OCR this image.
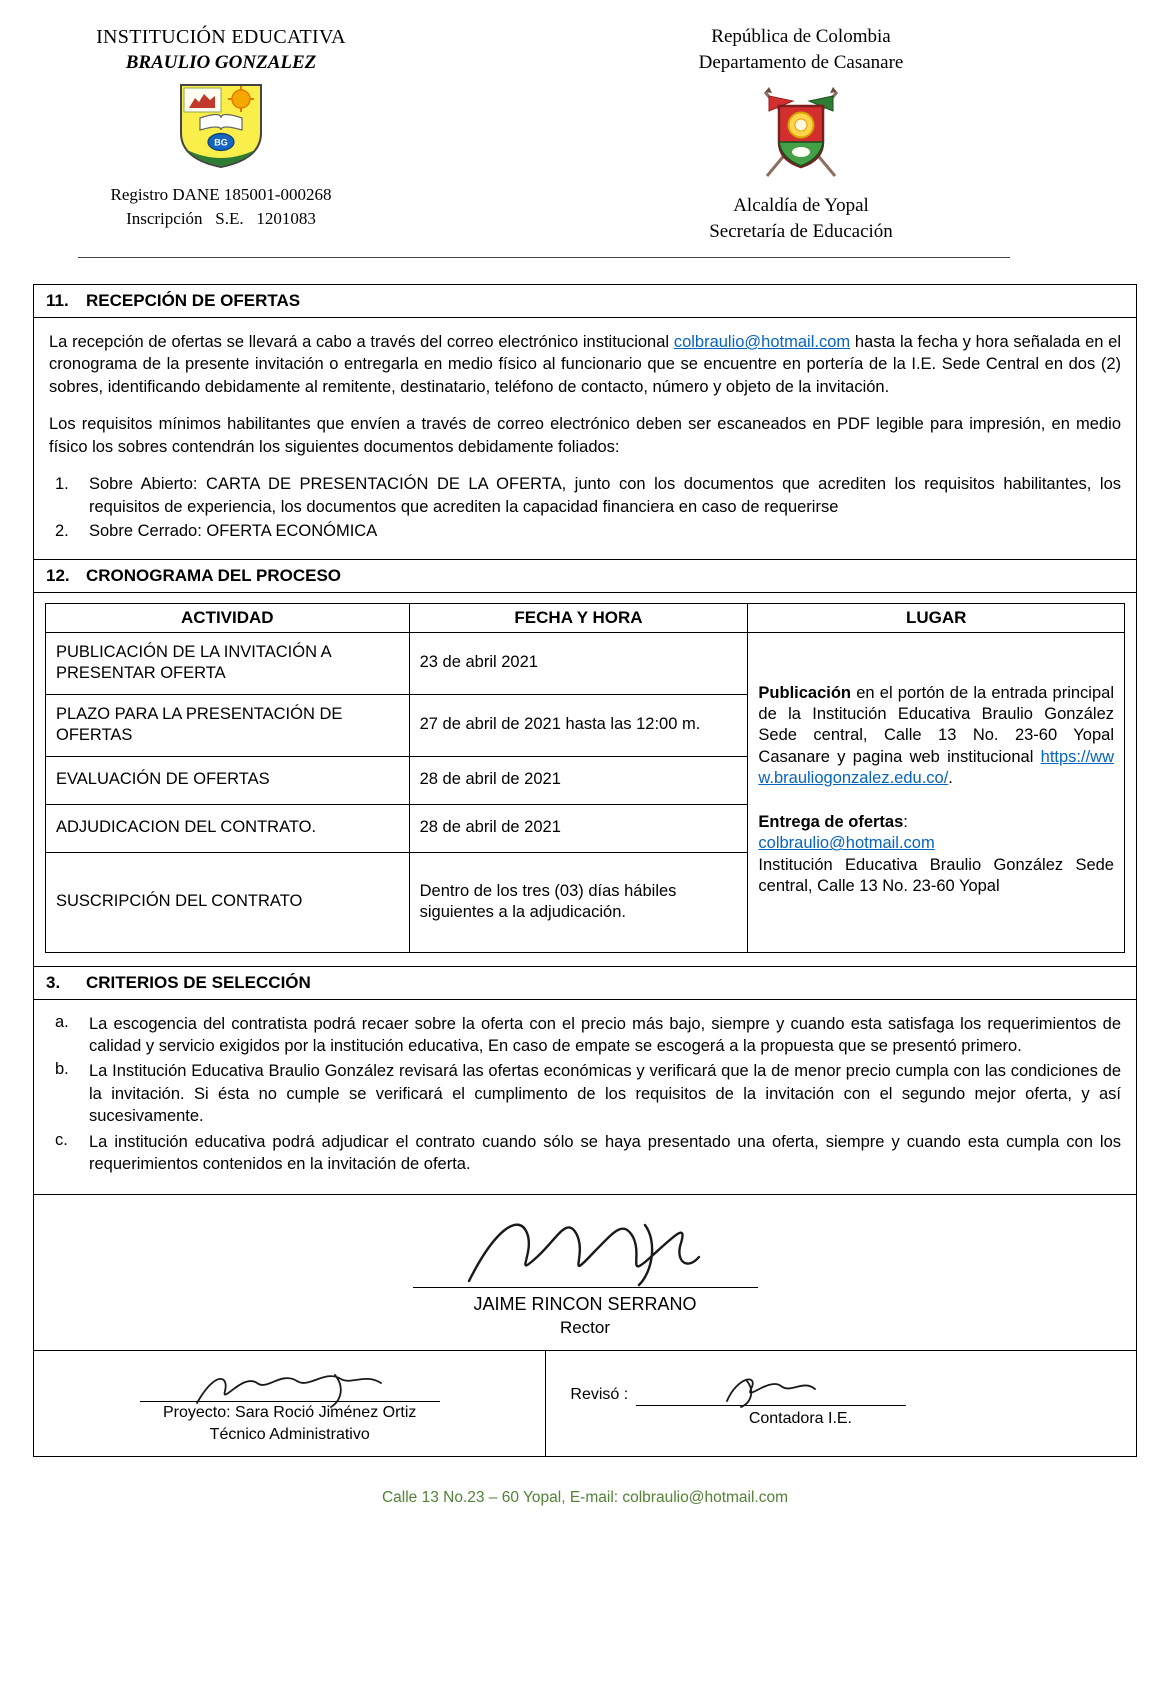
INSTITUCIÓN EDUCATIVA
BRAULIO GONZALEZ
BG
Registro DANE 185001-000268
Inscripción   S.E.   1201083
República de Colombia
Departamento de Casanare
Alcaldía de Yopal
Secretaría de Educación
11.	RECEPCIÓN DE OFERTAS

La recepción de ofertas se llevará a cabo a través del correo electrónico institucional colbraulio@hotmail.com hasta la fecha y hora señalada en el cronograma de la presente invitación o entregarla en medio físico al funcionario que se encuentre en portería de la I.E. Sede Central en dos (2) sobres, identificando debidamente al remitente, destinatario, teléfono de contacto, número y objeto de la invitación.

Los requisitos mínimos habilitantes que envíen a través de correo electrónico deben ser escaneados en PDF legible para impresión, en medio físico los sobres contendrán los siguientes documentos debidamente foliados:

1.	Sobre Abierto: CARTA DE PRESENTACIÓN DE LA OFERTA, junto con los documentos que acrediten los requisitos habilitantes, los requisitos de experiencia, los documentos que acrediten la capacidad financiera en caso de requerirse
2.	Sobre Cerrado: OFERTA ECONÓMICA
12. CRONOGRAMA DEL PROCESO
ACTIVIDAD	FECHA Y HORA	LUGAR
PUBLICACIÓN DE LA INVITACIÓN A PRESENTAR OFERTA	23 de abril 2021	Publicación en el portón de la entrada principal de la Institución Educativa Braulio González Sede central, Calle 13 No. 23-60 Yopal Casanare y pagina web institucional https://www.brauliogonzalez.edu.co/.
Entrega de ofertas:
colbraulio@hotmail.com
Institución Educativa Braulio González Sede central, Calle 13 No. 23-60 Yopal

PLAZO PARA LA PRESENTACIÓN DE OFERTAS	27 de abril de 2021 hasta las 12:00 m.	
EVALUACIÓN DE OFERTAS	28 de abril de 2021	
ADJUDICACION DEL CONTRATO.	28 de abril de 2021	
SUSCRIPCIÓN DEL CONTRATO	Dentro de los tres (03) días hábiles siguientes a la adjudicación.	
3.	CRITERIOS DE SELECCIÓN
a.	La escogencia del contratista podrá recaer sobre la oferta con el precio más bajo, siempre y cuando esta satisfaga los requerimientos de calidad y servicio exigidos por la institución educativa, En caso de empate se escogerá a la propuesta que se presentó primero.
b.	La Institución Educativa Braulio González revisará las ofertas económicas y verificará que la de menor precio cumpla con las condiciones de la invitación. Si ésta no cumple se verificará el cumplimento de los requisitos de la invitación con el segundo mejor oferta, y así sucesivamente.
c.	La institución educativa podrá adjudicar el contrato cuando sólo se haya presentado una oferta, siempre y cuando esta cumpla con los requerimientos contenidos en la invitación de oferta.
JAIME RINCON SERRANO
Rector
Proyecto: Sara Roció Jiménez Ortiz
Técnico Administrativo
Revisó :
Contadora I.E.
Calle 13 No.23 – 60 Yopal, E-mail: colbraulio@hotmail.com
